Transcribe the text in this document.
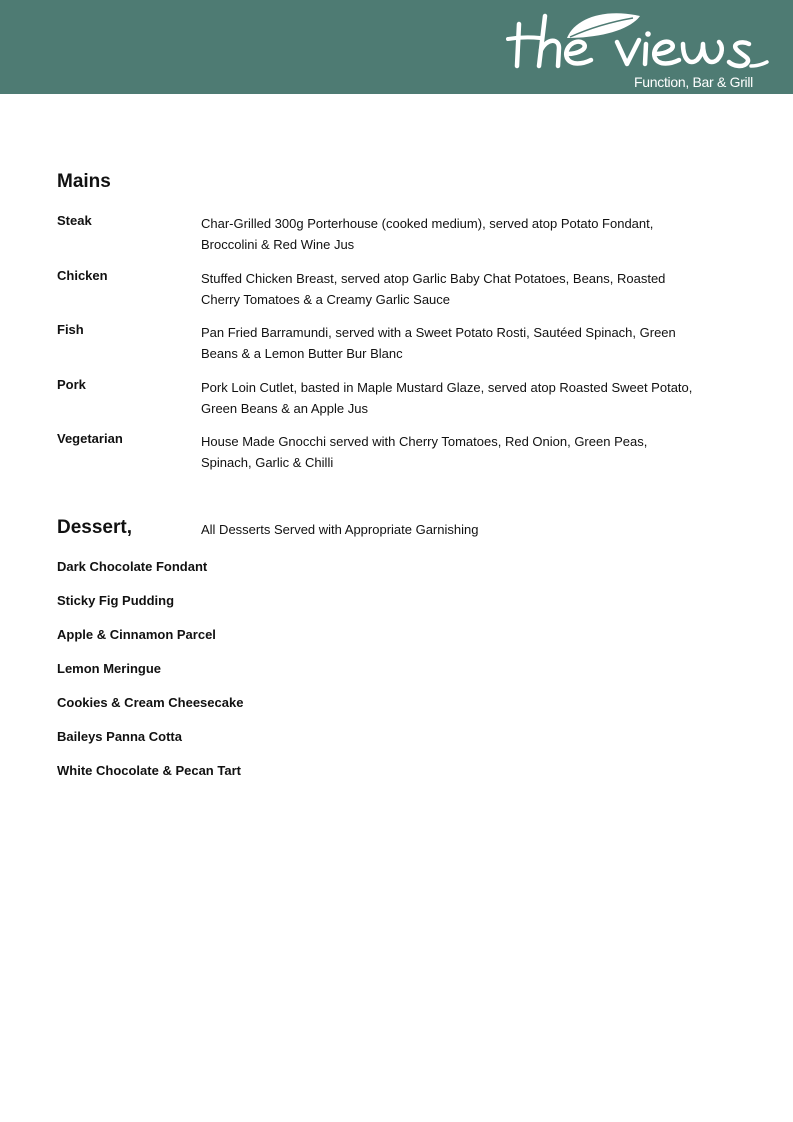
Function, Bar & Grill
Mains
Steak	Char-Grilled 300g Porterhouse (cooked medium), served atop Potato Fondant, Broccolini & Red Wine Jus
Chicken	Stuffed Chicken Breast, served atop Garlic Baby Chat Potatoes, Beans, Roasted Cherry Tomatoes & a Creamy Garlic Sauce
Fish	Pan Fried Barramundi, served with a Sweet Potato Rosti, Sautéed Spinach, Green Beans & a Lemon Butter Bur Blanc
Pork	Pork Loin Cutlet, basted in Maple Mustard Glaze, served atop Roasted Sweet Potato, Green Beans & an Apple Jus
Vegetarian	House Made Gnocchi served with Cherry Tomatoes, Red Onion, Green Peas, Spinach, Garlic & Chilli
Dessert,	All Desserts Served with Appropriate Garnishing
Dark Chocolate Fondant
Sticky Fig Pudding
Apple & Cinnamon Parcel
Lemon Meringue
Cookies & Cream Cheesecake
Baileys Panna Cotta
White Chocolate & Pecan Tart
